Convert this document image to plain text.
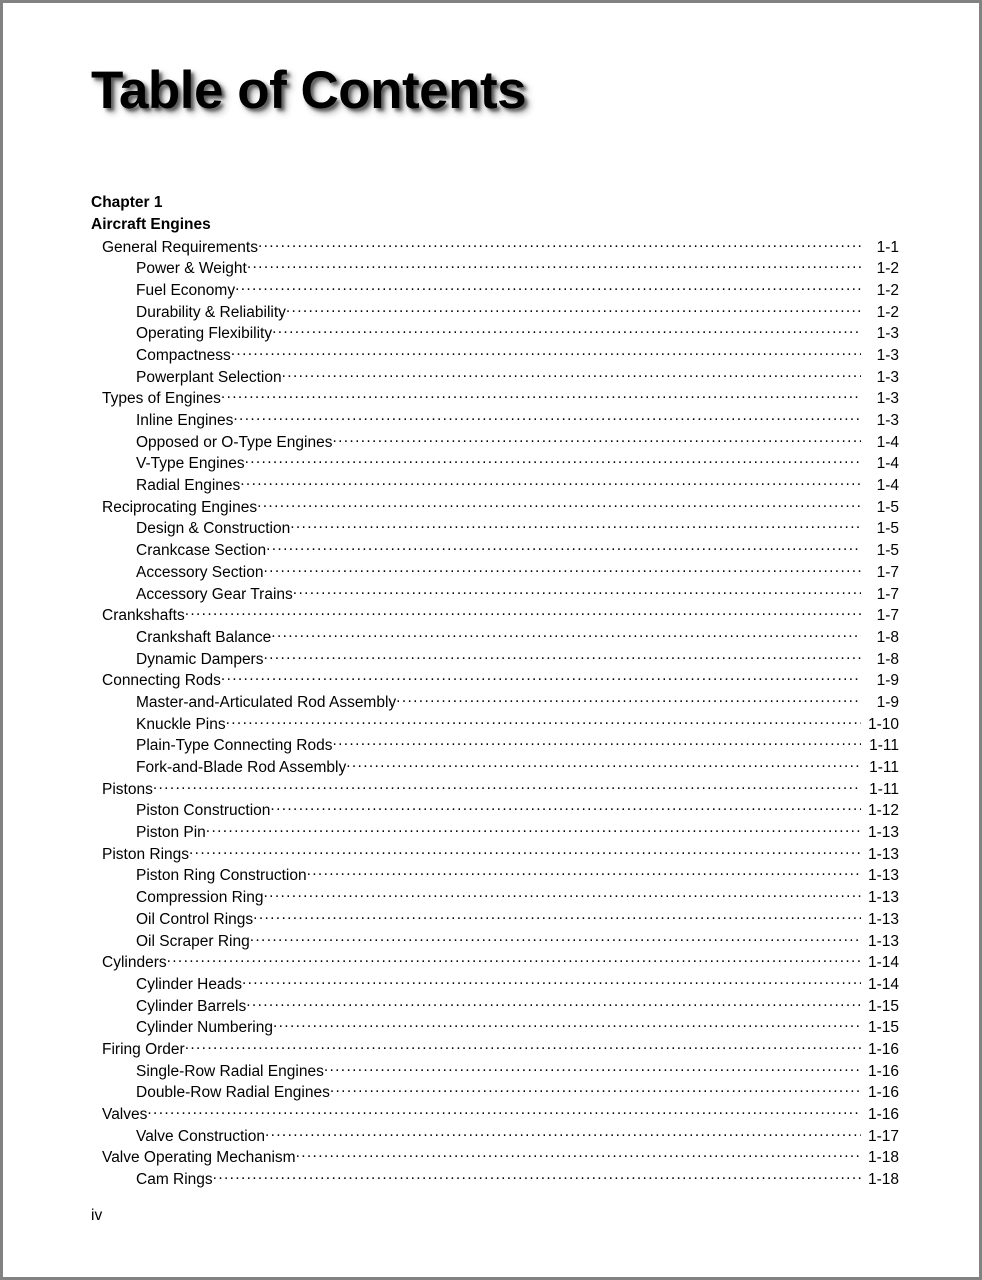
Table of Contents
Chapter 1
Aircraft Engines
General Requirements .....	1-1
Power & Weight .....	1-2
Fuel Economy .....	1-2
Durability & Reliability .....	1-2
Operating Flexibility .....	1-3
Compactness .....	1-3
Powerplant Selection .....	1-3
Types of Engines .....	1-3
Inline Engines .....	1-3
Opposed or O-Type Engines .....	1-4
V-Type Engines .....	1-4
Radial Engines .....	1-4
Reciprocating Engines .....	1-5
Design & Construction .....	1-5
Crankcase Section .....	1-5
Accessory Section .....	1-7
Accessory Gear Trains .....	1-7
Crankshafts .....	1-7
Crankshaft Balance .....	1-8
Dynamic Dampers .....	1-8
Connecting Rods .....	1-9
Master-and-Articulated Rod Assembly .....	1-9
Knuckle Pins .....	1-10
Plain-Type Connecting Rods .....	1-11
Fork-and-Blade Rod Assembly .....	1-11
Pistons .....	1-11
Piston Construction .....	1-12
Piston Pin .....	1-13
Piston Rings .....	1-13
Piston Ring Construction .....	1-13
Compression Ring .....	1-13
Oil Control Rings .....	1-13
Oil Scraper Ring .....	1-13
Cylinders .....	1-14
Cylinder Heads .....	1-14
Cylinder Barrels .....	1-15
Cylinder Numbering .....	1-15
Firing Order .....	1-16
Single-Row Radial Engines .....	1-16
Double-Row Radial Engines .....	1-16
Valves .....	1-16
Valve Construction .....	1-17
Valve Operating Mechanism .....	1-18
Cam Rings .....	1-18
iv
